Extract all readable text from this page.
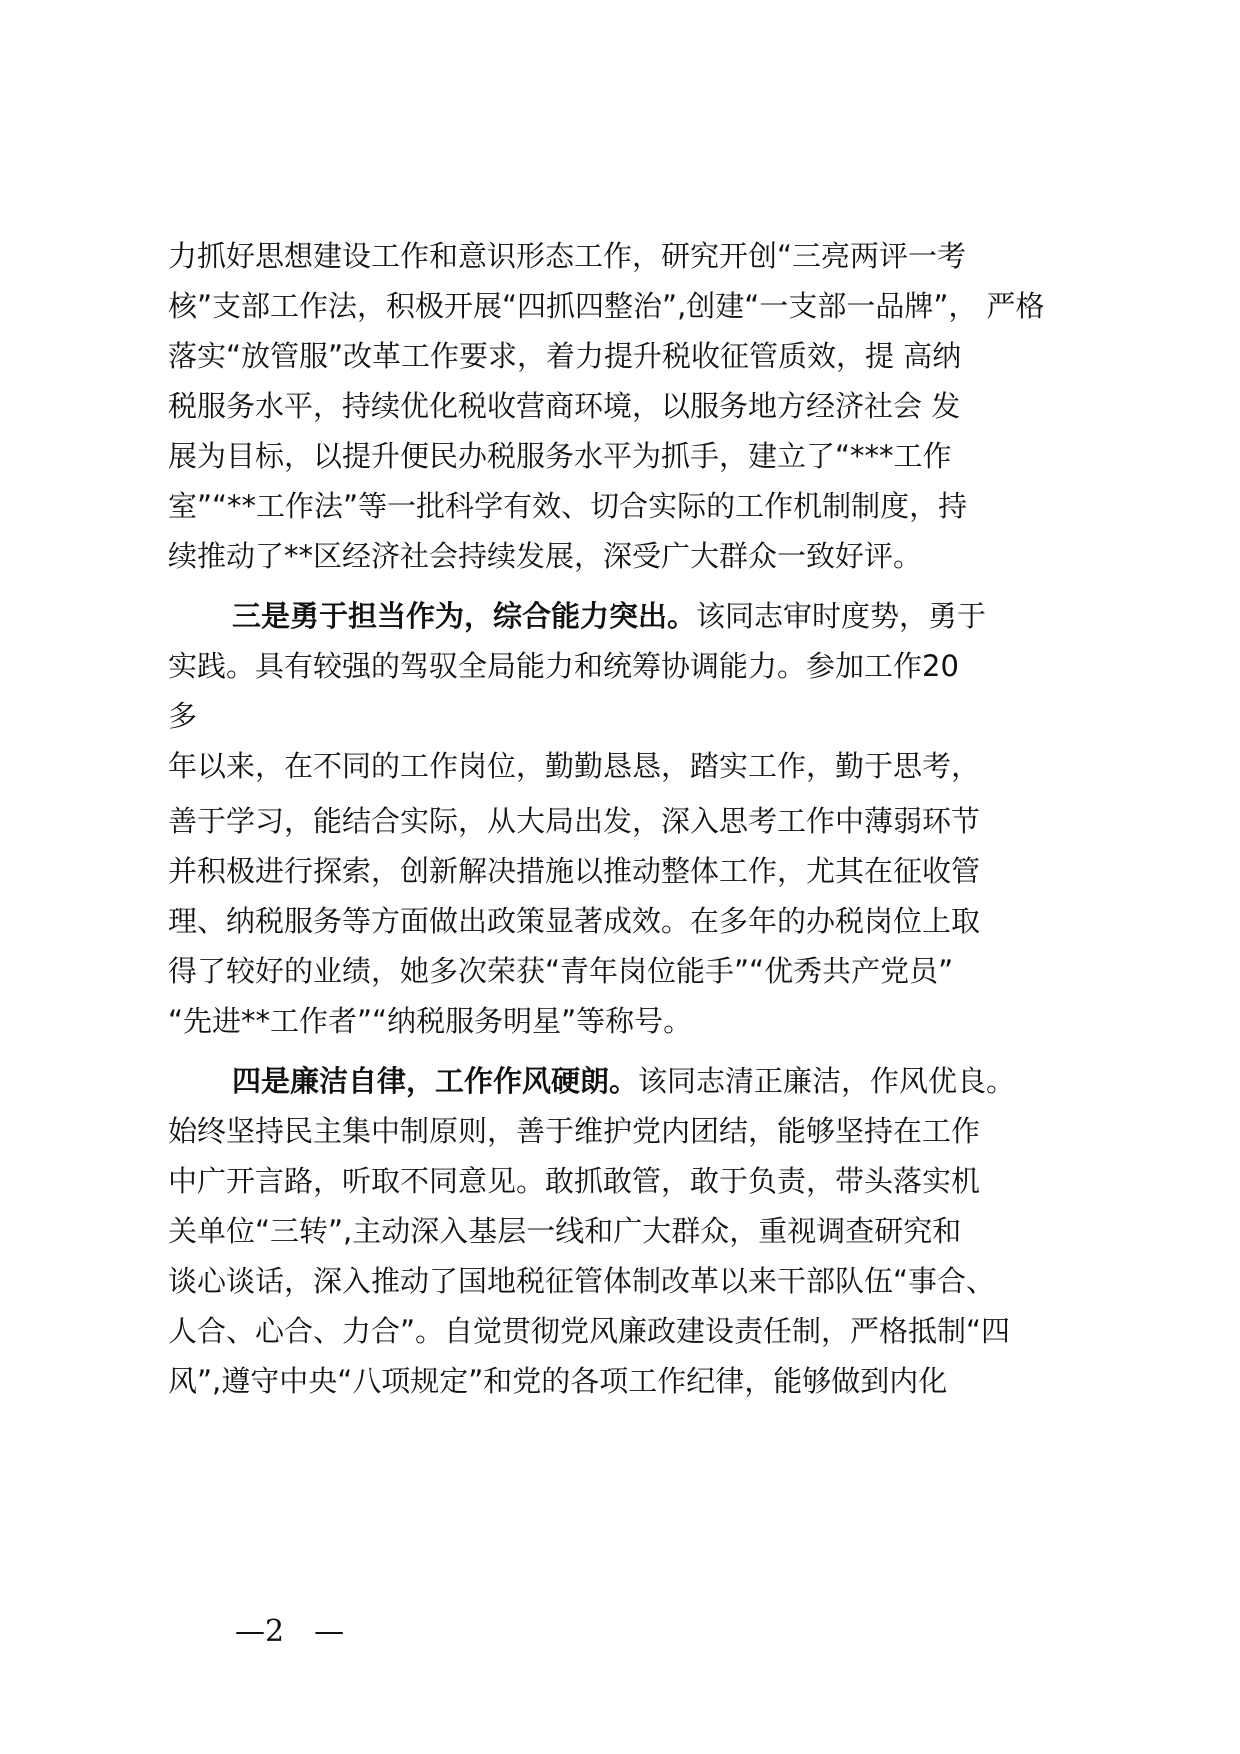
力抓好思想建设工作和意识形态工作，研究开创“三亮两评一考

核”支部工作法，积极开展“四抓四整治”,创建“一支部一品牌”， 严格

落实“放管服”改革工作要求，着力提升税收征管质效，提 高纳

税服务水平，持续优化税收营商环境，以服务地方经济社会 发

展为目标，以提升便民办税服务水平为抓手，建立了“***工作

室”“**工作法”等一批科学有效、切合实际的工作机制制度，持

续推动了**区经济社会持续发展，深受广大群众一致好评。

三是勇于担当作为，综合能力突出。该同志审时度势，勇于

实践。具有较强的驾驭全局能力和统筹协调能力。参加工作20

多

年以来，在不同的工作岗位，勤勤恳恳，踏实工作，勤于思考，

善于学习，能结合实际，从大局出发，深入思考工作中薄弱环节

并积极进行探索，创新解决措施以推动整体工作，尤其在征收管

理、纳税服务等方面做出政策显著成效。在多年的办税岗位上取

得了较好的业绩，她多次荣获“青年岗位能手”“优秀共产党员”

“先进**工作者”“纳税服务明星”等称号。

四是廉洁自律，工作作风硬朗。该同志清正廉洁，作风优良。

始终坚持民主集中制原则，善于维护党内团结，能够坚持在工作

中广开言路，听取不同意见。敢抓敢管，敢于负责，带头落实机

关单位“三转”,主动深入基层一线和广大群众，重视调查研究和

谈心谈话，深入推动了国地税征管体制改革以来干部队伍“事合、

人合、心合、力合”。自觉贯彻党风廉政建设责任制，严格抵制“四

风”,遵守中央“八项规定”和党的各项工作纪律，能够做到内化

—2　—
